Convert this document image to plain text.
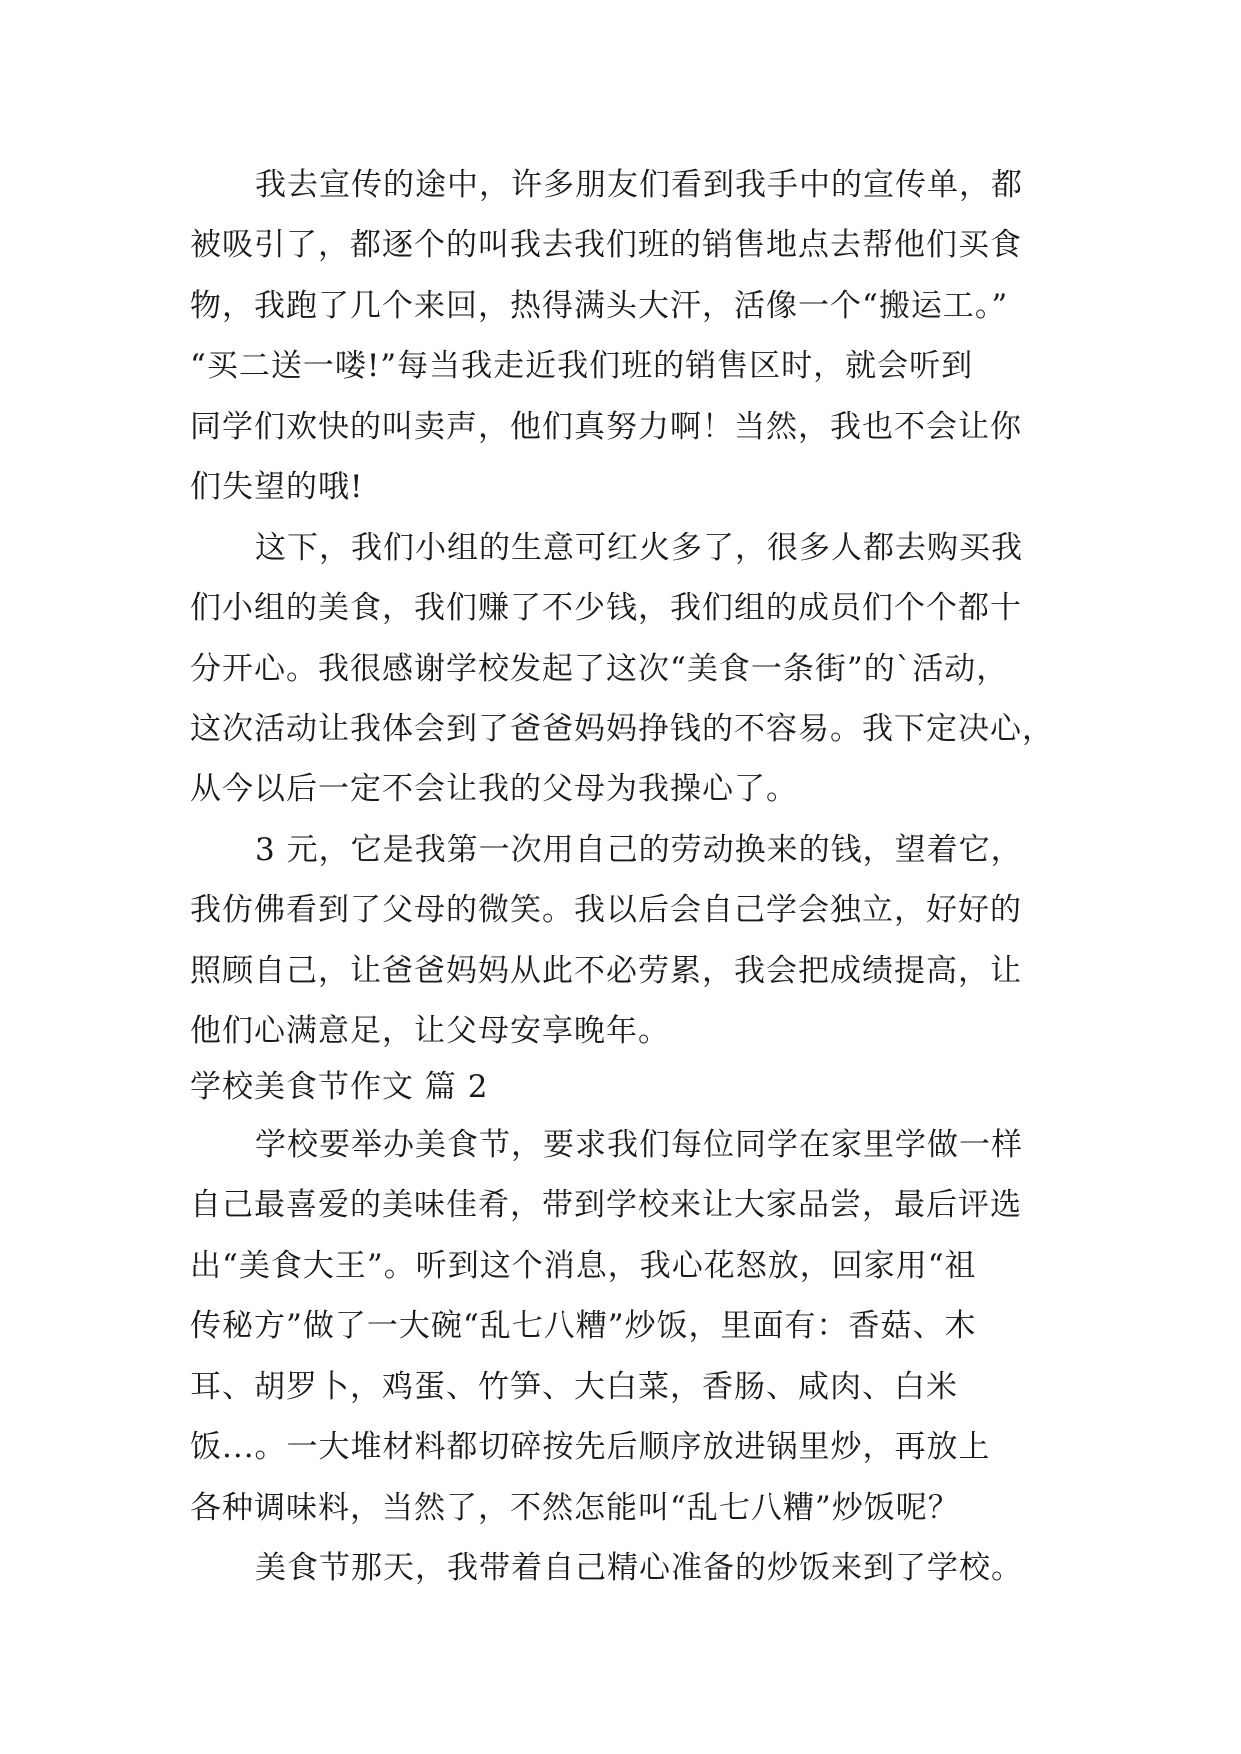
我去宣传的途中，许多朋友们看到我手中的宣传单，都
被吸引了，都逐个的叫我去我们班的销售地点去帮他们买食
物，我跑了几个来回，热得满头大汗，活像一个“搬运工。”
“买二送一喽!”每当我走近我们班的销售区时，就会听到
同学们欢快的叫卖声，他们真努力啊！当然，我也不会让你
们失望的哦!
这下，我们小组的生意可红火多了，很多人都去购买我
们小组的美食，我们赚了不少钱，我们组的成员们个个都十
分开心。我很感谢学校发起了这次“美食一条街”的`活动，
这次活动让我体会到了爸爸妈妈挣钱的不容易。我下定决心，
从今以后一定不会让我的父母为我操心了。
3 元，它是我第一次用自己的劳动换来的钱，望着它，
我仿佛看到了父母的微笑。我以后会自己学会独立，好好的
照顾自己，让爸爸妈妈从此不必劳累，我会把成绩提高，让
他们心满意足，让父母安享晚年。
学校美食节作文 篇 2
学校要举办美食节，要求我们每位同学在家里学做一样
自己最喜爱的美味佳肴，带到学校来让大家品尝，最后评选
出“美食大王”。听到这个消息，我心花怒放，回家用“祖
传秘方”做了一大碗“乱七八糟”炒饭，里面有：香菇、木
耳、胡罗卜，鸡蛋、竹笋、大白菜，香肠、咸肉、白米
饭...。一大堆材料都切碎按先后顺序放进锅里炒，再放上
各种调味料，当然了，不然怎能叫“乱七八糟”炒饭呢？
美食节那天，我带着自己精心准备的炒饭来到了学校。
